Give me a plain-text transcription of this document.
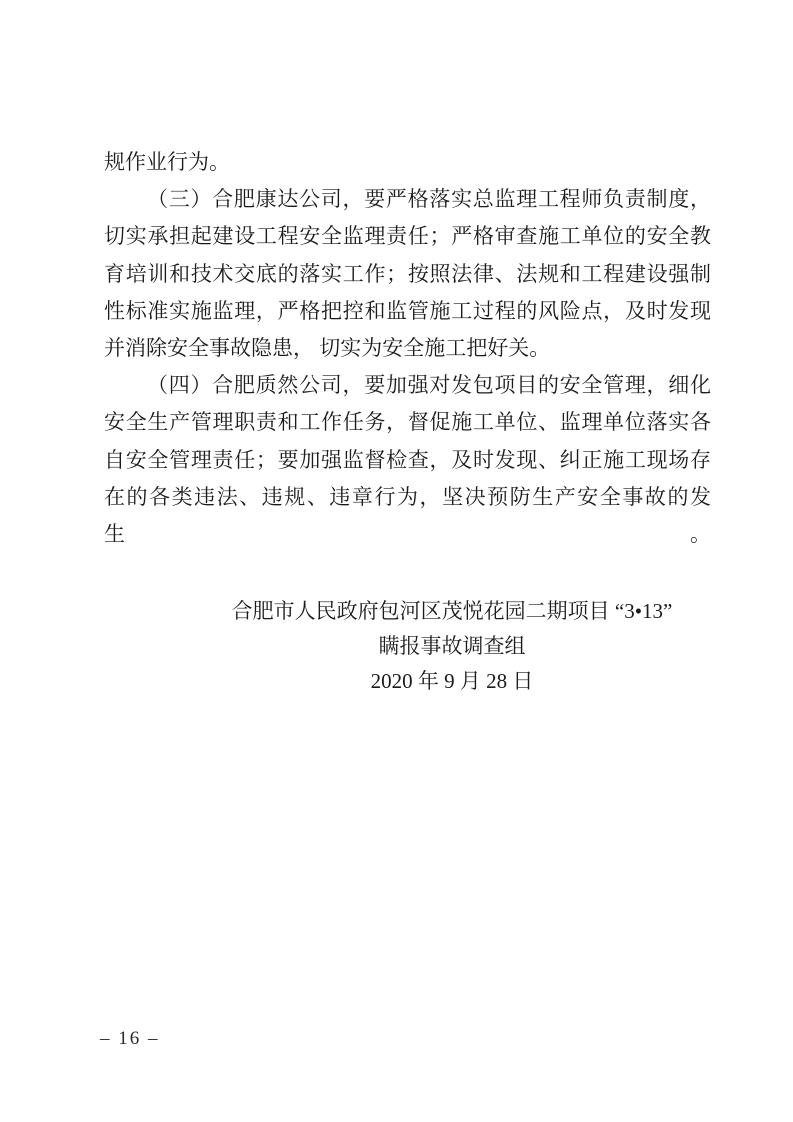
规作业行为。
（三）合肥康达公司，要严格落实总监理工程师负责制度，
切实承担起建设工程安全监理责任；严格审查施工单位的安全教
育培训和技术交底的落实工作；按照法律、法规和工程建设强制
性标准实施监理，严格把控和监管施工过程的风险点，及时发现
并消除安全事故隐患， 切实为安全施工把好关。
（四）合肥质然公司，要加强对发包项目的安全管理，细化
安全生产管理职责和工作任务，督促施工单位、监理单位落实各
自安全管理责任；要加强监督检查，及时发现、纠正施工现场存
在的各类违法、违规、违章行为，坚决预防生产安全事故的发生。
合肥市人民政府包河区茂悦花园二期项目 “3•13”
瞒报事故调查组
2020 年 9 月 28 日
– 16 –
